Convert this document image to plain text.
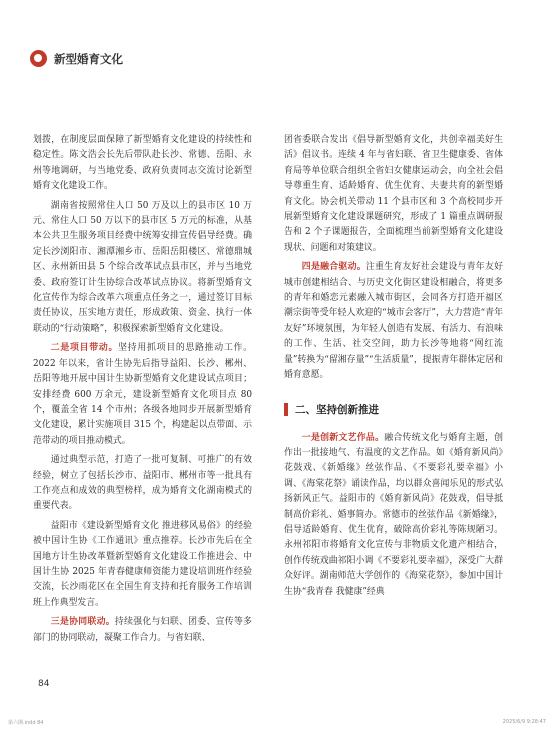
新型婚育文化

划拨，在制度层面保障了新型婚育文化建设的持续性和稳定性。陈文浩会长先后带队赴长沙、常德、岳阳、永州等地调研，与当地党委、政府负责同志交流讨论新型婚育文化建设工作。

湖南省按照常住人口 50 万及以上的县市区 10 万元、常住人口 50 万以下的县市区 5 万元的标准，从基本公共卫生服务项目经费中统筹安排宣传倡导经费。确定长沙浏阳市、湘潭湘乡市、岳阳岳阳楼区、常德鼎城区、永州新田县 5 个综合改革试点县市区，并与当地党委、政府签订计生协综合改革试点协议。将新型婚育文化宣传作为综合改革六项重点任务之一，通过签订目标责任协议，压实地方责任，形成政策、资金、执行一体联动的“行动策略”，积极探索新型婚育文化建设。

二是项目带动。坚持用抓项目的思路推动工作。2022 年以来，省计生协先后指导益阳、长沙、郴州、岳阳等地开展中国计生协新型婚育文化建设试点项目；安排经费 600 万余元，建设新型婚育文化项目点 80 个，覆盖全省 14 个市州；各级各地同步开展新型婚育文化建设，累计实施项目 315 个，构建起以点带面、示范带动的项目推动模式。

通过典型示范，打造了一批可复制、可推广的有效经验，树立了包括长沙市、益阳市、郴州市等一批具有工作亮点和成效的典型榜样，成为婚育文化湖南模式的重要代表。

益阳市《建设新型婚育文化 推进移风易俗》的经验被中国计生协《工作通讯》重点推荐。长沙市先后在全国地方计生协改革暨新型婚育文化建设工作推进会、中国计生协 2025 年青春健康师资能力建设培训班作经验交流，长沙雨花区在全国生育支持和托育服务工作培训班上作典型发言。

三是协同联动。持续强化与妇联、团委、宣传等多部门的协同联动，凝聚工作合力。与省妇联、

团省委联合发出《倡导新型婚育文化，共创幸福美好生活》倡议书。连续 4 年与省妇联、省卫生健康委、省体育局等单位联合组织全省妇女健康运动会，向全社会倡导尊重生育、适龄婚育、优生优育、夫妻共育的新型婚育文化。协会机关带动 11 个县市区和 3 个高校同步开展新型婚育文化建设课题研究，形成了 1 篇重点调研报告和 2 个子课题报告，全面梳理当前新型婚育文化建设现状、问题和对策建议。

四是融合驱动。注重生育友好社会建设与青年友好城市创建相结合、与历史文化街区建设相融合，将更多的青年和婚恋元素融入城市街区，会同各方打造开福区潮宗街等受年轻人欢迎的“城市会客厅”，大力营造“青年友好”环境氛围，为年轻人创造有发展、有活力、有浪味的工作、生活、社交空间，助力长沙等地将“网红流量”转换为“留湘存量”“生活质量”，提振青年群体定居和婚育意愿。

二、坚持创新推进

一是创新文艺作品。融合传统文化与婚育主题，创作出一批接地气、有温度的文艺作品。如《婚育新风尚》花鼓戏、《新婚缘》丝弦作品、《不要彩礼要幸福》小调、《海棠花祭》诵读作品，均以群众喜闻乐见的形式弘扬新风正气。益阳市的《婚育新风尚》花鼓戏，倡导抵制高价彩礼、婚事简办。常德市的丝弦作品《新婚缘》，倡导适龄婚育、优生优育，破除高价彩礼等陈规陋习。永州祁阳市将婚育文化宣传与非物质文化遗产相结合，创作传统戏曲祁阳小调《不要彩礼要幸福》，深受广大群众好评。湖南师范大学创作的《海棠花祭》，参加中国计生协“我青春 我健康”经典

84
第六期.indd 84	2025/6/9 9:28:47
